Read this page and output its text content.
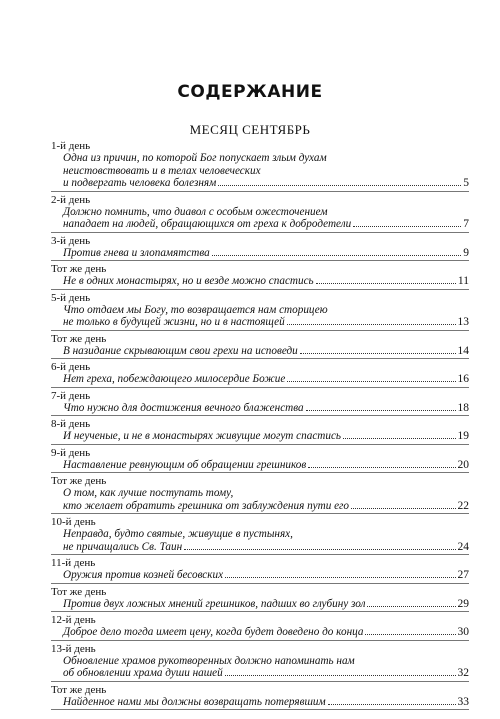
СОДЕРЖАНИЕ
МЕСЯЦ СЕНТЯБРЬ
1-й день
Одна из причин, по которой Бог попускает злым духам
неистовствовать и в телах человеческих
и подвергать человека болезням	5
2-й день
Должно помнить, что диавол с особым ожесточением
нападает на людей, обращающихся от греха к добродетели	7
3-й день
Против гнева и злопамятства	9
Тот же день
Не в одних монастырях, но и везде можно спастись	11
5-й день
Что отдаем мы Богу, то возвращается нам сторицею
не только в будущей жизни, но и в настоящей	13
Тот же день
В назидание скрывающим свои грехи на исповеди	14
6-й день
Нет греха, побеждающего милосердие Божие	16
7-й день
Что нужно для достижения вечного блаженства	18
8-й день
И неученые, и не в монастырях живущие могут спастись	19
9-й день
Наставление ревнующим об обращении грешников	20
Тот же день
О том, как лучше поступать тому,
кто желает обратить грешника от заблуждения пути его	22
10-й день
Неправда, будто святые, живущие в пустынях,
не причащались Св. Таин	24
11-й день
Оружия против козней бесовских	27
Тот же день
Против двух ложных мнений грешников, падших во глубину зол	29
12-й день
Доброе дело тогда имеет цену, когда будет доведено до конца	30
13-й день
Обновление храмов рукотворенных должно напоминать нам
об обновлении храма души нашей	32
Тот же день
Найденное нами мы должны возвращать потерявшим	33
